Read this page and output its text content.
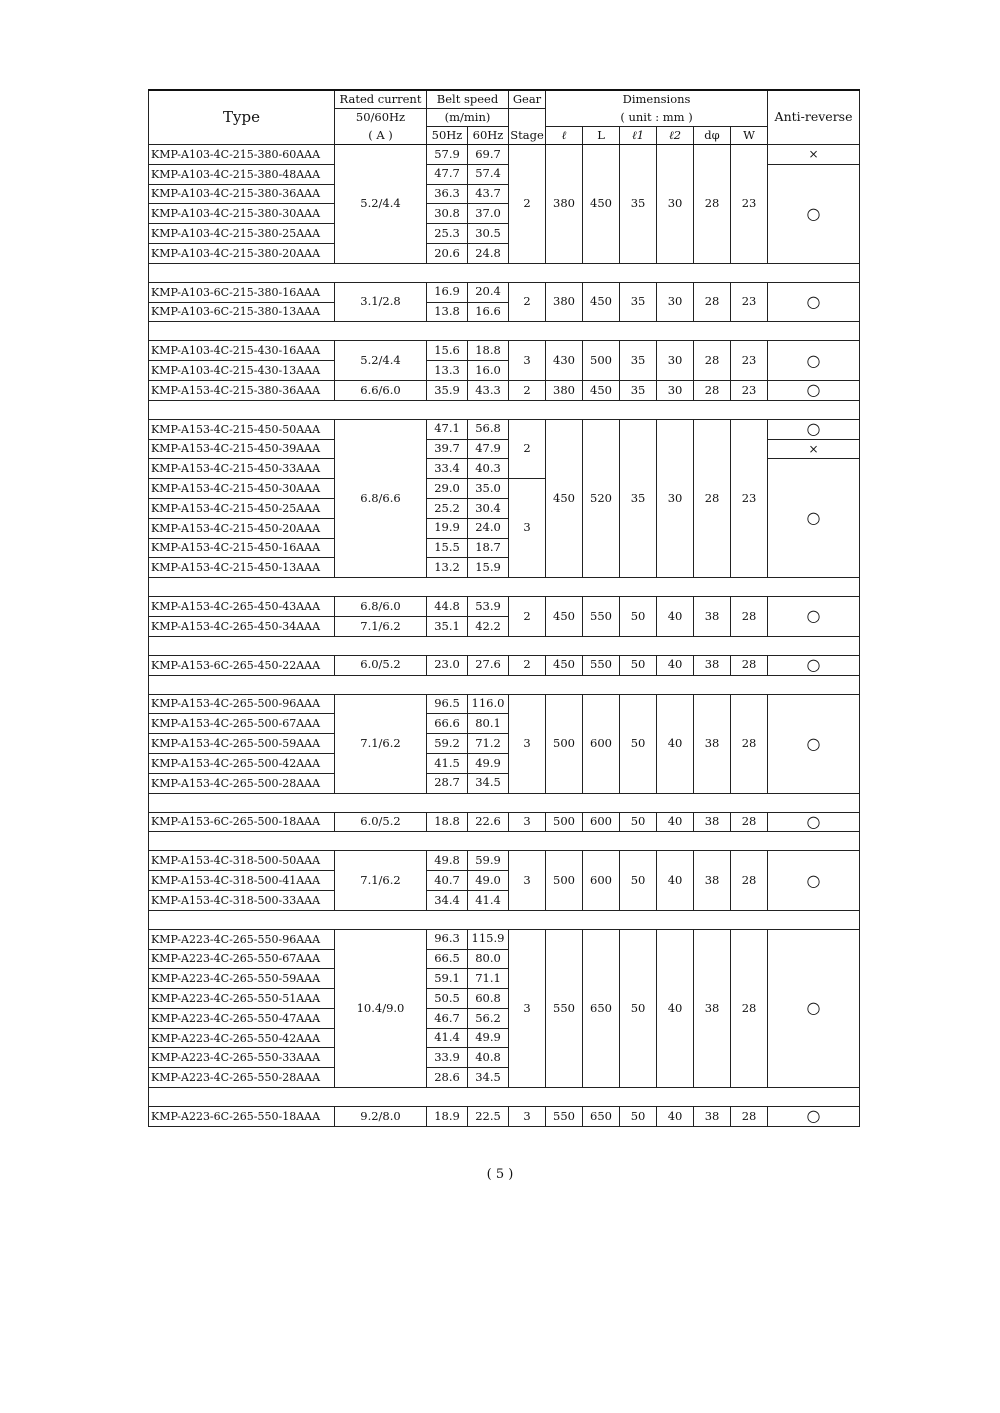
Type	Rated current	Belt speed		Gear	Dimensions						Anti-reverse
	50/60Hz	(m/min)			( unit : mm )						
	( A )	50Hz	60Hz	Stage	ℓ	L	ℓ1	ℓ2	dφ	W	
KMP-A103-4C-215-380-60AAA	5.2/4.4	57.9	69.7	2	380	450	35	30	28	23	×
KMP-A103-4C-215-380-48AAA		47.7	57.4								○
KMP-A103-4C-215-380-36AAA		36.3	43.7								
KMP-A103-4C-215-380-30AAA		30.8	37.0								
KMP-A103-4C-215-380-25AAA		25.3	30.5								
KMP-A103-4C-215-380-20AAA		20.6	24.8								

KMP-A103-6C-215-380-16AAA	3.1/2.8	16.9	20.4	2	380	450	35	30	28	23	○
KMP-A103-6C-215-380-13AAA		13.8	16.6								

KMP-A103-4C-215-430-16AAA	5.2/4.4	15.6	18.8	3	430	500	35	30	28	23	○
KMP-A103-4C-215-430-13AAA		13.3	16.0								
KMP-A153-4C-215-380-36AAA	6.6/6.0	35.9	43.3	2	380	450	35	30	28	23	○

KMP-A153-4C-215-450-50AAA	6.8/6.6	47.1	56.8	2	450	520	35	30	28	23	○
KMP-A153-4C-215-450-39AAA		39.7	47.9								×
KMP-A153-4C-215-450-33AAA		33.4	40.3								○
KMP-A153-4C-215-450-30AAA		29.0	35.0	3							
KMP-A153-4C-215-450-25AAA		25.2	30.4								
KMP-A153-4C-215-450-20AAA		19.9	24.0								
KMP-A153-4C-215-450-16AAA		15.5	18.7								
KMP-A153-4C-215-450-13AAA		13.2	15.9								

KMP-A153-4C-265-450-43AAA	6.8/6.0	44.8	53.9	2	450	550	50	40	38	28	○
KMP-A153-4C-265-450-34AAA	7.1/6.2	35.1	42.2								

KMP-A153-6C-265-450-22AAA	6.0/5.2	23.0	27.6	2	450	550	50	40	38	28	○

KMP-A153-4C-265-500-96AAA	7.1/6.2	96.5	116.0	3	500	600	50	40	38	28	○
KMP-A153-4C-265-500-67AAA		66.6	80.1								
KMP-A153-4C-265-500-59AAA		59.2	71.2								
KMP-A153-4C-265-500-42AAA		41.5	49.9								
KMP-A153-4C-265-500-28AAA		28.7	34.5								

KMP-A153-6C-265-500-18AAA	6.0/5.2	18.8	22.6	3	500	600	50	40	38	28	○

KMP-A153-4C-318-500-50AAA	7.1/6.2	49.8	59.9	3	500	600	50	40	38	28	○
KMP-A153-4C-318-500-41AAA		40.7	49.0								
KMP-A153-4C-318-500-33AAA		34.4	41.4								

KMP-A223-4C-265-550-96AAA	10.4/9.0	96.3	115.9	3	550	650	50	40	38	28	○
KMP-A223-4C-265-550-67AAA		66.5	80.0								
KMP-A223-4C-265-550-59AAA		59.1	71.1								
KMP-A223-4C-265-550-51AAA		50.5	60.8								
KMP-A223-4C-265-550-47AAA		46.7	56.2								
KMP-A223-4C-265-550-42AAA		41.4	49.9								
KMP-A223-4C-265-550-33AAA		33.9	40.8								
KMP-A223-4C-265-550-28AAA		28.6	34.5								

KMP-A223-6C-265-550-18AAA	9.2/8.0	18.9	22.5	3	550	650	50	40	38	28	○
( 5 )
